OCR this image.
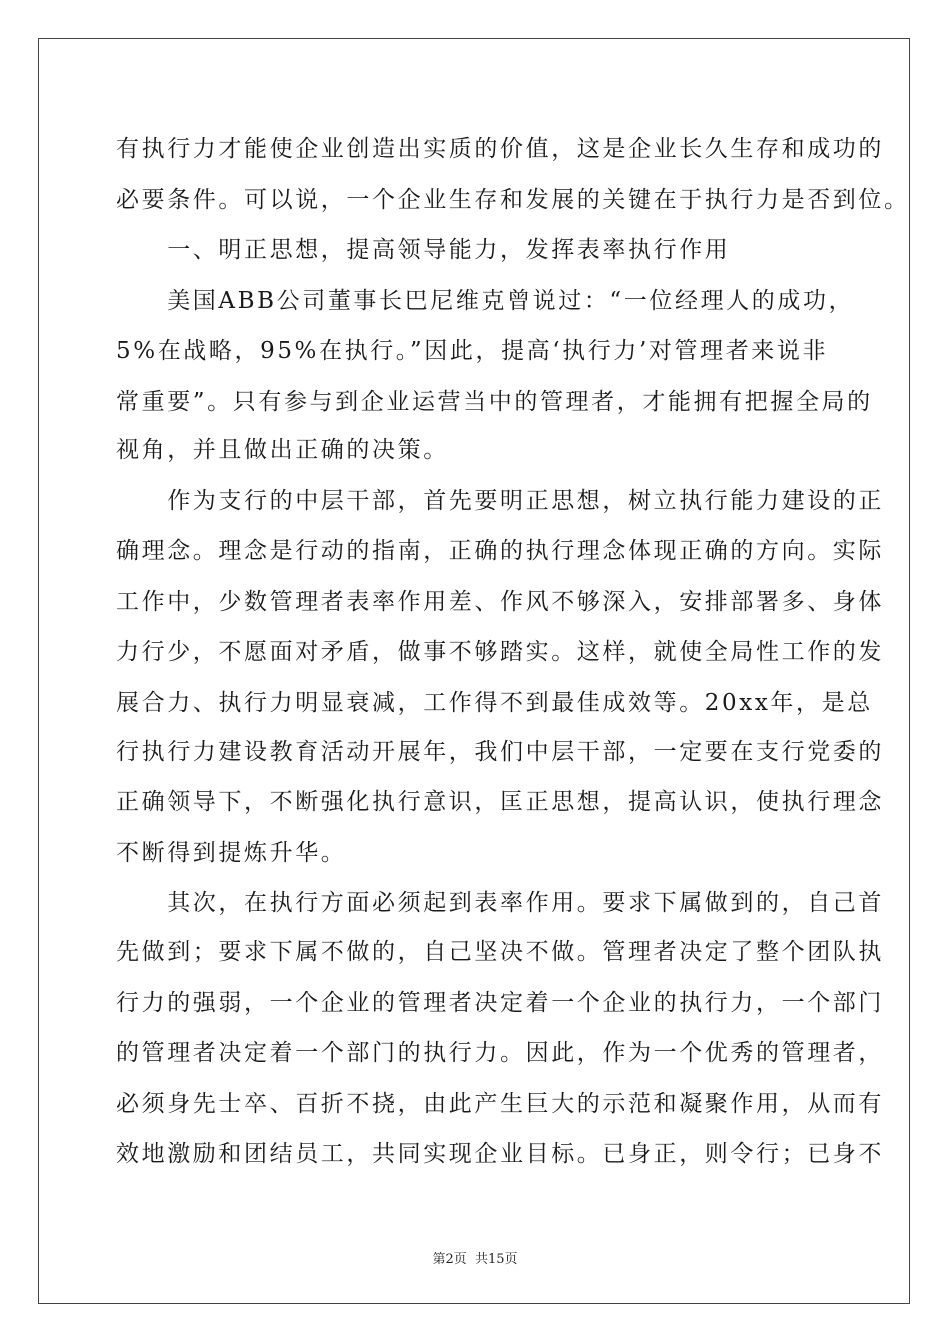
有执行力才能使企业创造出实质的价值，这是企业长久生存和成功的
必要条件。可以说，一个企业生存和发展的关键在于执行力是否到位。
　　一、明正思想，提高领导能力，发挥表率执行作用
　　美国ABB公司董事长巴尼维克曾说过：“一位经理人的成功，
5%在战略，95%在执行。”因此，提高‘执行力’对管理者来说非
常重要”。只有参与到企业运营当中的管理者，才能拥有把握全局的
视角，并且做出正确的决策。
　　作为支行的中层干部，首先要明正思想，树立执行能力建设的正
确理念。理念是行动的指南，正确的执行理念体现正确的方向。实际
工作中，少数管理者表率作用差、作风不够深入，安排部署多、身体
力行少，不愿面对矛盾，做事不够踏实。这样，就使全局性工作的发
展合力、执行力明显衰减，工作得不到最佳成效等。20xx年，是总
行执行力建设教育活动开展年，我们中层干部，一定要在支行党委的
正确领导下，不断强化执行意识，匡正思想，提高认识，使执行理念
不断得到提炼升华。
　　其次，在执行方面必须起到表率作用。要求下属做到的，自己首
先做到；要求下属不做的，自己坚决不做。管理者决定了整个团队执
行力的强弱，一个企业的管理者决定着一个企业的执行力，一个部门
的管理者决定着一个部门的执行力。因此，作为一个优秀的管理者，
必须身先士卒、百折不挠，由此产生巨大的示范和凝聚作用，从而有
效地激励和团结员工，共同实现企业目标。已身正，则令行；已身不
第2页 共15页
